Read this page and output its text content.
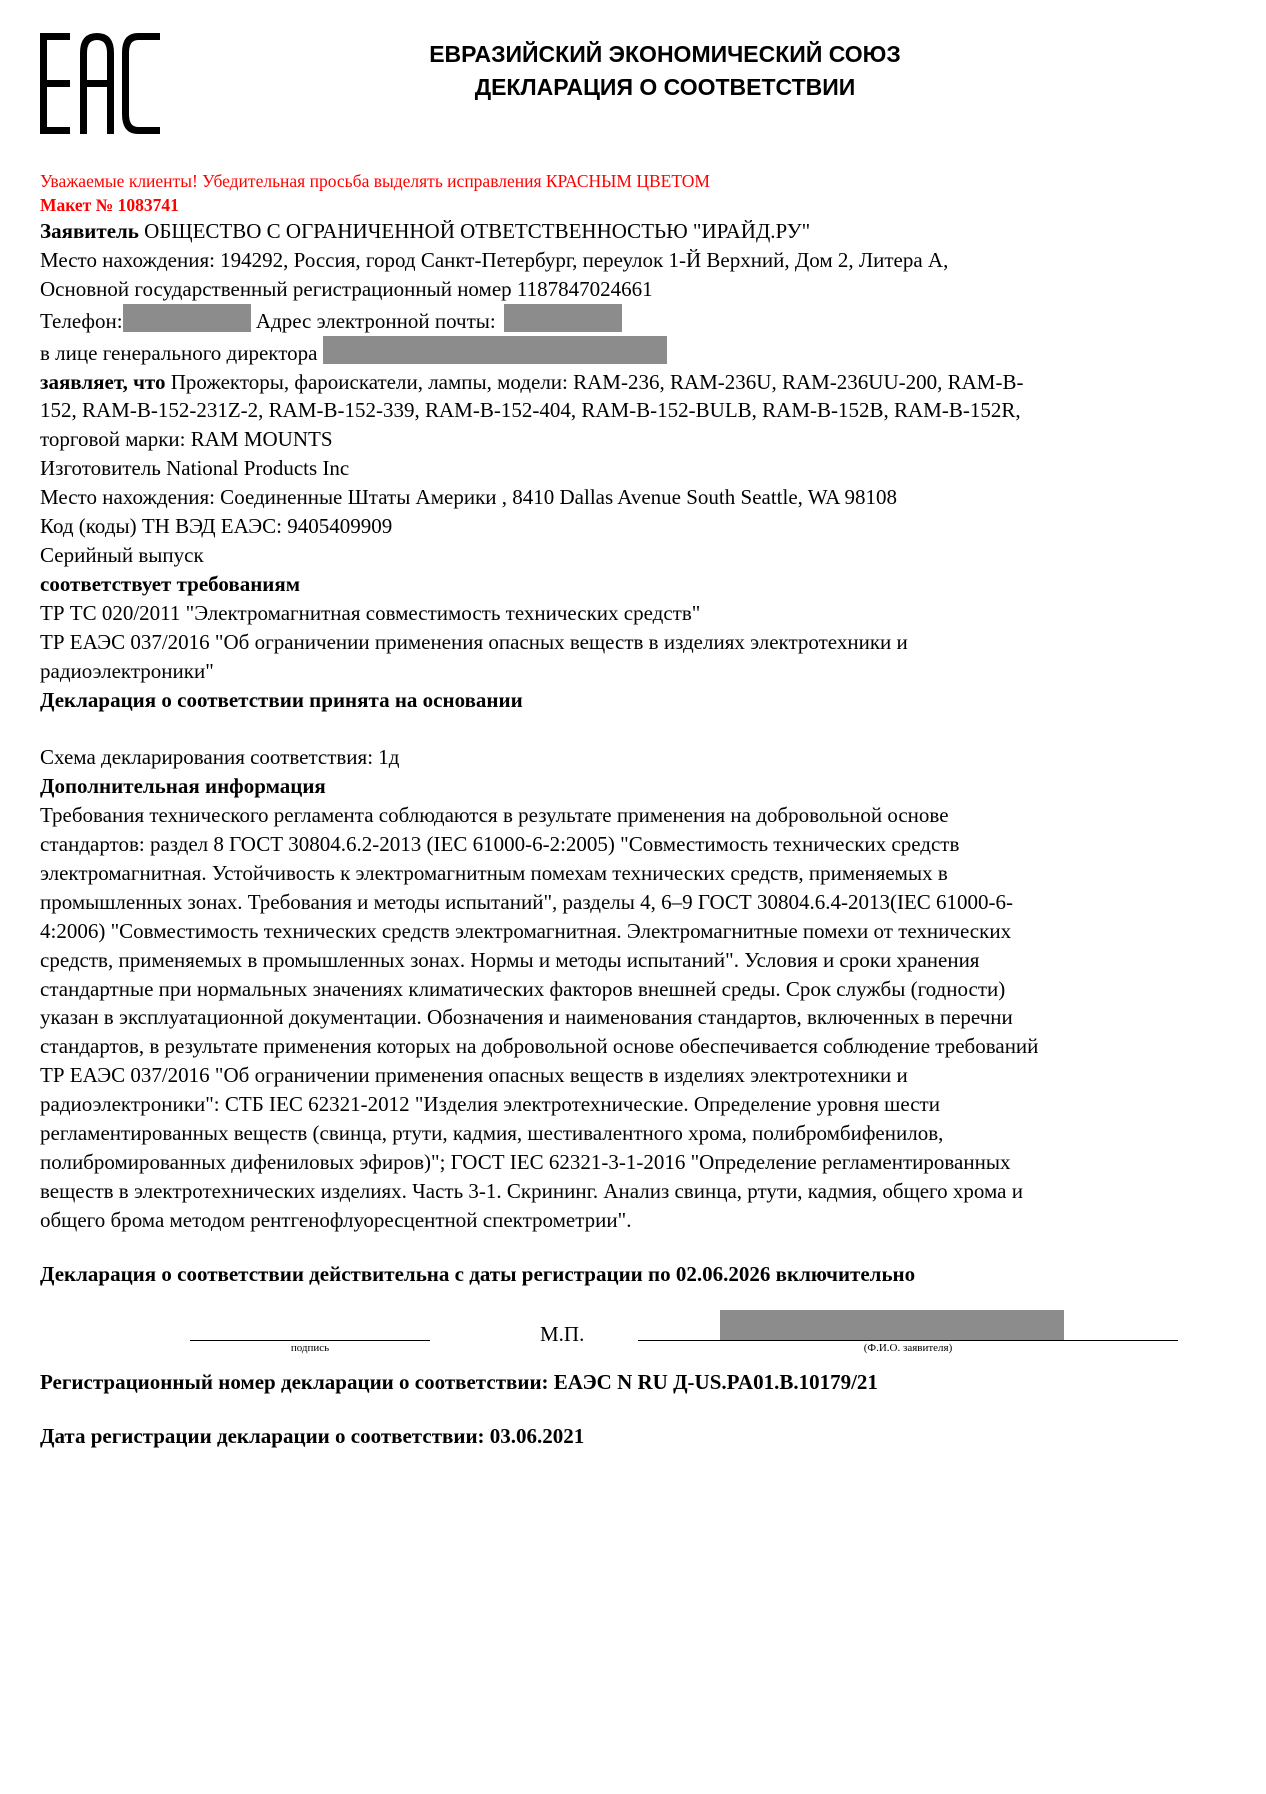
ЕВРАЗИЙСКИЙ ЭКОНОМИЧЕСКИЙ СОЮЗ
ДЕКЛАРАЦИЯ О СООТВЕТСТВИИ
Уважаемые клиенты! Убедительная просьба выделять исправления КРАСНЫМ ЦВЕТОМ
Макет № 1083741
Заявитель ОБЩЕСТВО С ОГРАНИЧЕННОЙ ОТВЕТСТВЕННОСТЬЮ "ИРАЙД.РУ"
Место нахождения: 194292, Россия, город Санкт-Петербург, переулок 1-Й Верхний, Дом 2, Литера А,
Основной государственный регистрационный номер 1187847024661
Телефон:	Адрес электронной почты:
в лице генерального директора
заявляет, что Прожекторы, фароискатели, лампы, модели: RAM-236, RAM-236U, RAM-236UU-200, RAM-B-
152, RAM-B-152-231Z-2, RAM-B-152-339, RAM-B-152-404, RAM-B-152-BULB, RAM-B-152B, RAM-B-152R,
торговой марки: RAM MOUNTS
Изготовитель National Products Inc
Место нахождения: Соединенные Штаты Америки , 8410 Dallas Avenue South Seattle, WA 98108
Код (коды) ТН ВЭД ЕАЭС: 9405409909
Серийный выпуск
соответствует требованиям
ТР ТС 020/2011 "Электромагнитная совместимость технических средств"
ТР ЕАЭС 037/2016 "Об ограничении применения опасных веществ в изделиях электротехники и
радиоэлектроники"
Декларация о соответствии принята на основании
Схема декларирования соответствия: 1д
Дополнительная информация
Требования технического регламента соблюдаются в результате применения на добровольной основе
стандартов: раздел 8 ГОСТ 30804.6.2-2013 (IEC 61000-6-2:2005) "Совместимость технических средств
электромагнитная. Устойчивость к электромагнитным помехам технических средств, применяемых в
промышленных зонах. Требования и методы испытаний", разделы 4, 6–9 ГОСТ 30804.6.4-2013(IEC 61000-6-
4:2006) "Совместимость технических средств электромагнитная. Электромагнитные помехи от технических
средств, применяемых в промышленных зонах. Нормы и методы испытаний". Условия и сроки хранения
стандартные при нормальных значениях климатических факторов внешней среды. Срок службы (годности)
указан в эксплуатационной документации. Обозначения и наименования стандартов, включенных в перечни
стандартов, в результате применения которых на добровольной основе обеспечивается соблюдение требований
ТР ЕАЭС 037/2016 "Об ограничении применения опасных веществ в изделиях электротехники и
радиоэлектроники": СТБ IEC 62321-2012 "Изделия электротехнические. Определение уровня шести
регламентированных веществ (свинца, ртути, кадмия, шестивалентного хрома, полибромбифенилов,
полибромированных дифениловых эфиров)"; ГОСТ IEC 62321-3-1-2016 "Определение регламентированных
веществ в электротехнических изделиях. Часть 3-1. Скрининг. Анализ свинца, ртути, кадмия, общего хрома и
общего брома методом рентгенофлуоресцентной спектрометрии".
Декларация о соответствии действительна с даты регистрации по 02.06.2026 включительно
подпись
М.П.
(Ф.И.О. заявителя)
Регистрационный номер декларации о соответствии: ЕАЭС N RU Д-US.PA01.B.10179/21
Дата регистрации декларации о соответствии: 03.06.2021
